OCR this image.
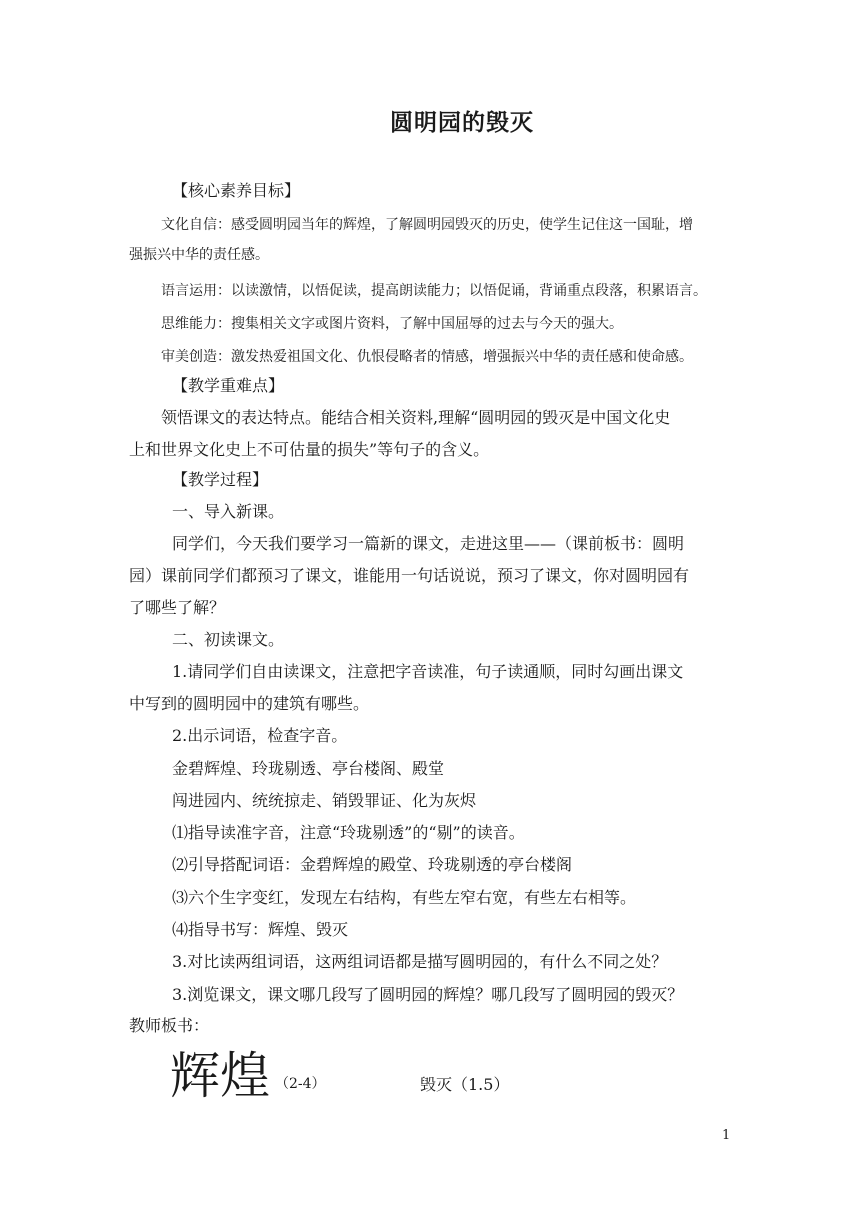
圆明园的毁灭
【核心素养目标】
文化自信：感受圆明园当年的辉煌，了解圆明园毁灭的历史，使学生记住这一国耻，增
强振兴中华的责任感。
语言运用：以读激情，以悟促读，提高朗读能力；以悟促诵，背诵重点段落，积累语言。
思维能力：搜集相关文字或图片资料，了解中国屈辱的过去与今天的强大。
审美创造：激发热爱祖国文化、仇恨侵略者的情感，增强振兴中华的责任感和使命感。
【教学重难点】
领悟课文的表达特点。能结合相关资料,理解“圆明园的毁灭是中国文化史
上和世界文化史上不可估量的损失”等句子的含义。
【教学过程】
一、导入新课。
同学们，今天我们要学习一篇新的课文，走进这里——（课前板书：圆明
园）课前同学们都预习了课文，谁能用一句话说说，预习了课文，你对圆明园有
了哪些了解？
二、初读课文。
1.请同学们自由读课文，注意把字音读准，句子读通顺，同时勾画出课文
中写到的圆明园中的建筑有哪些。
2.出示词语，检查字音。
金碧辉煌、玲珑剔透、亭台楼阁、殿堂
闯进园内、统统掠走、销毁罪证、化为灰烬
⑴指导读准字音，注意“玲珑剔透”的“剔”的读音。
⑵引导搭配词语：金碧辉煌的殿堂、玲珑剔透的亭台楼阁
⑶六个生字变红，发现左右结构，有些左窄右宽，有些左右相等。
⑷指导书写：辉煌、毁灭
3.对比读两组词语，这两组词语都是描写圆明园的，有什么不同之处？
3.浏览课文，课文哪几段写了圆明园的辉煌？哪几段写了圆明园的毁灭？
教师板书：
辉煌 （2-4）	毁灭（1.5）
1
